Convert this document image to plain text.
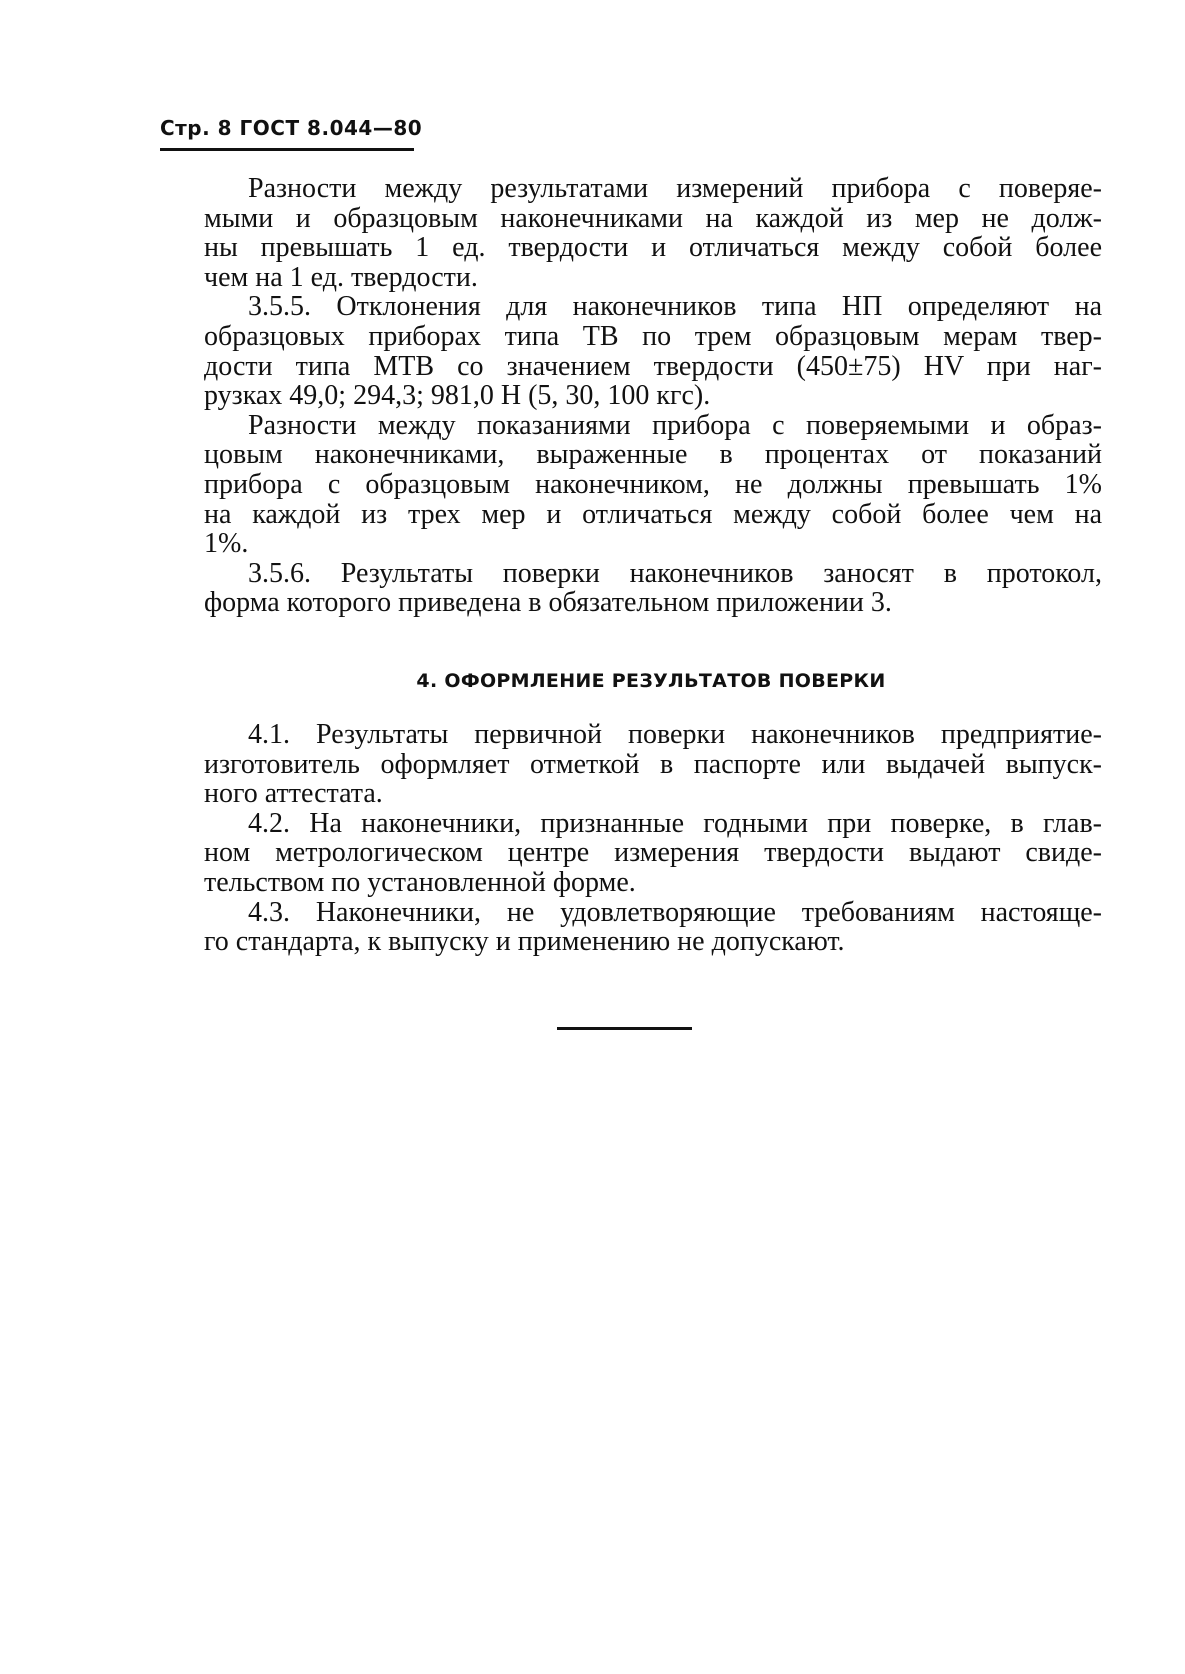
Стр. 8 ГОСТ 8.044—80
Разности между результатами измерений прибора с поверяе-
мыми и образцовым наконечниками на каждой из мер не долж-
ны превышать 1 ед. твердости и отличаться между собой более
чем на 1 ед. твердости.
3.5.5. Отклонения для наконечников типа НП определяют на
образцовых приборах типа ТВ по трем образцовым мерам твер-
дости типа МТВ со значением твердости (450±75) HV при наг-
рузках 49,0; 294,3; 981,0 Н (5, 30, 100 кгс).
Разности между показаниями прибора с поверяемыми и образ-
цовым наконечниками, выраженные в процентах от показаний
прибора с образцовым наконечником, не должны превышать 1%
на каждой из трех мер и отличаться между собой более чем на
1%.
3.5.6. Результаты поверки наконечников заносят в протокол,
форма которого приведена в обязательном приложении 3.
4. ОФОРМЛЕНИЕ РЕЗУЛЬТАТОВ ПОВЕРКИ
4.1. Результаты первичной поверки наконечников предприятие-
изготовитель оформляет отметкой в паспорте или выдачей выпуск-
ного аттестата.
4.2. На наконечники, признанные годными при поверке, в глав-
ном метрологическом центре измерения твердости выдают свиде-
тельством по установленной форме.
4.3. Наконечники, не удовлетворяющие требованиям настояще-
го стандарта, к выпуску и применению не допускают.
